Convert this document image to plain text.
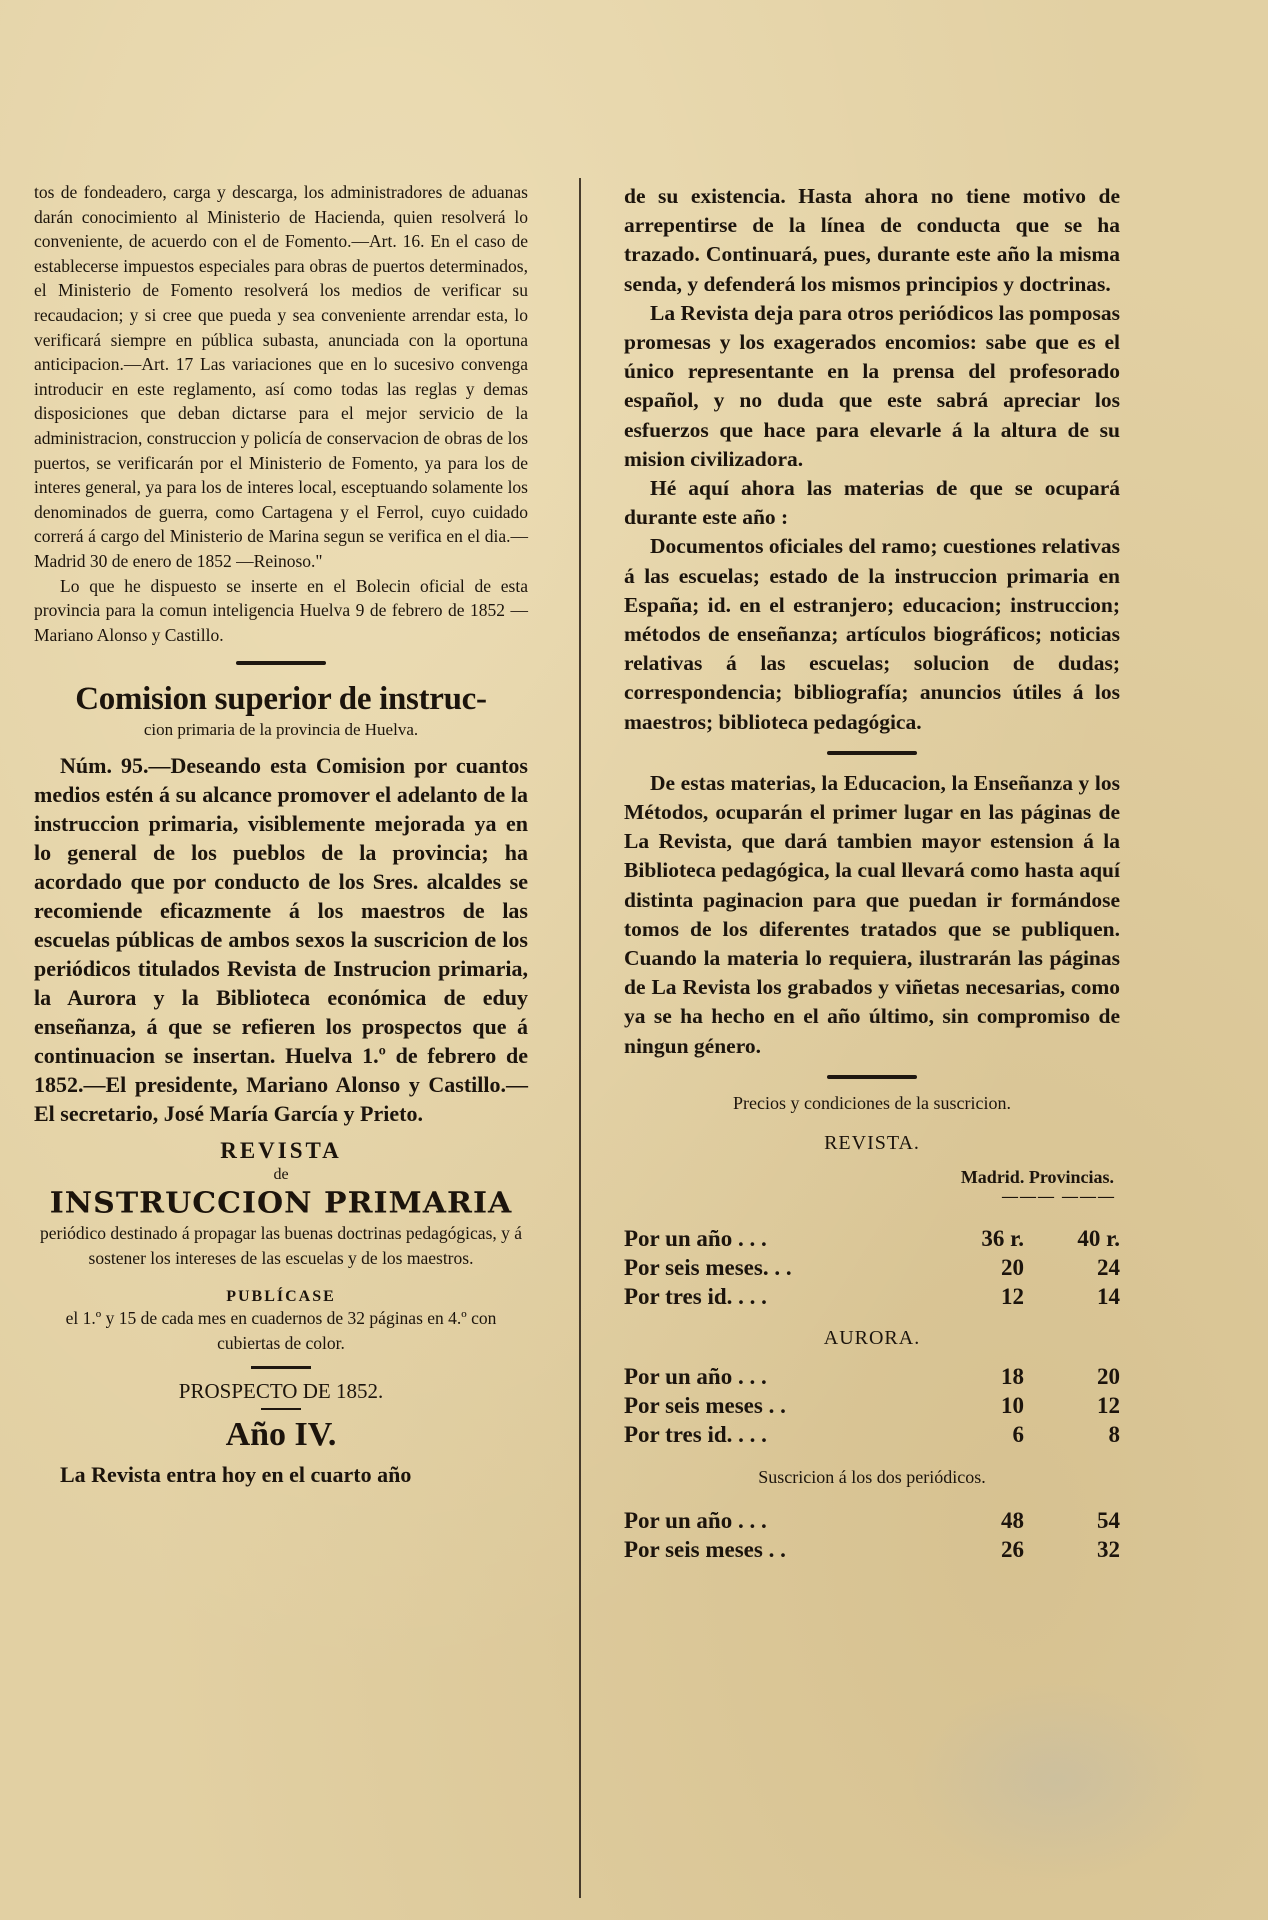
tos de fondeadero, carga y descarga, los administradores de aduanas darán conocimiento al Ministerio de Hacienda, quien resolverá lo conveniente, de acuerdo con el de Fomento.—Art. 16. En el caso de establecerse impuestos especiales para obras de puertos determinados, el Ministerio de Fomento resolverá los medios de verificar su recaudacion; y si cree que pueda y sea conveniente arrendar esta, lo verificará siempre en pública subasta, anunciada con la oportuna anticipacion.—Art. 17 Las variaciones que en lo sucesivo convenga introducir en este reglamento, así como todas las reglas y demas disposiciones que deban dictarse para el mejor servicio de la administracion, construccion y policía de conservacion de obras de los puertos, se verificarán por el Ministerio de Fomento, ya para los de interes general, ya para los de interes local, esceptuando solamente los denominados de guerra, como Cartagena y el Ferrol, cuyo cuidado correrá á cargo del Ministerio de Marina segun se verifica en el dia.—Madrid 30 de enero de 1852 —Reinoso."

Lo que he dispuesto se inserte en el Bolecin oficial de esta provincia para la comun inteligencia Huelva 9 de febrero de 1852 —Mariano Alonso y Castillo.

Comision superior de instruc-
cion primaria de la provincia de Huelva.

Núm. 95.—Deseando esta Comision por cuantos medios estén á su alcance promover el adelanto de la instruccion primaria, visiblemente mejorada ya en lo general de los pueblos de la provincia; ha acordado que por conducto de los Sres. alcaldes se recomiende eficazmente á los maestros de las escuelas públicas de ambos sexos la suscricion de los periódicos titulados Revista de Instrucion primaria, la Aurora y la Biblioteca económica de eduy enseñanza, á que se refieren los prospectos que á continuacion se insertan. Huelva 1.º de febrero de 1852.—El presidente, Mariano Alonso y Castillo.—El secretario, José María García y Prieto.

REVISTA
de
INSTRUCCION PRIMARIA

periódico destinado á propagar las buenas doctrinas pedagógicas, y á sostener los intereses de las escuelas y de los maestros.

PUBLÍCASE

el 1.º y 15 de cada mes en cuadernos de 32 páginas en 4.º con cubiertas de color.

PROSPECTO DE 1852.
Año IV.

La Revista entra hoy en el cuarto año

de su existencia. Hasta ahora no tiene motivo de arrepentirse de la línea de conducta que se ha trazado. Continuará, pues, durante este año la misma senda, y defenderá los mismos principios y doctrinas.

La Revista deja para otros periódicos las pomposas promesas y los exagerados encomios: sabe que es el único representante en la prensa del profesorado español, y no duda que este sabrá apreciar los esfuerzos que hace para elevarle á la altura de su mision civilizadora.

Hé aquí ahora las materias de que se ocupará durante este año :

Documentos oficiales del ramo; cuestiones relativas á las escuelas; estado de la instruccion primaria en España; id. en el estranjero; educacion; instruccion; métodos de enseñanza; artículos biográficos; noticias relativas á las escuelas; solucion de dudas; correspondencia; bibliografía; anuncios útiles á los maestros; biblioteca pedagógica.

De estas materias, la Educacion, la Enseñanza y los Métodos, ocuparán el primer lugar en las páginas de La Revista, que dará tambien mayor estension á la Biblioteca pedagógica, la cual llevará como hasta aquí distinta paginacion para que puedan ir formándose tomos de los diferentes tratados que se publiquen. Cuando la materia lo requiera, ilustrarán las páginas de La Revista los grabados y viñetas necesarias, como ya se ha hecho en el año último, sin compromiso de ningun género.

Precios y condiciones de la suscricion.
REVISTA.
Madrid. Provincias.
——— ———
Por un año . . .	36 r.	40 r.
Por seis meses. . .	20	24
Por tres id. . . .	12	14
AURORA.
Por un año . . .	18	20
Por seis meses . .	10	12
Por tres id. . . .	6	8
Suscricion á los dos periódicos.
Por un año . . .	48	54
Por seis meses . .	26	32
